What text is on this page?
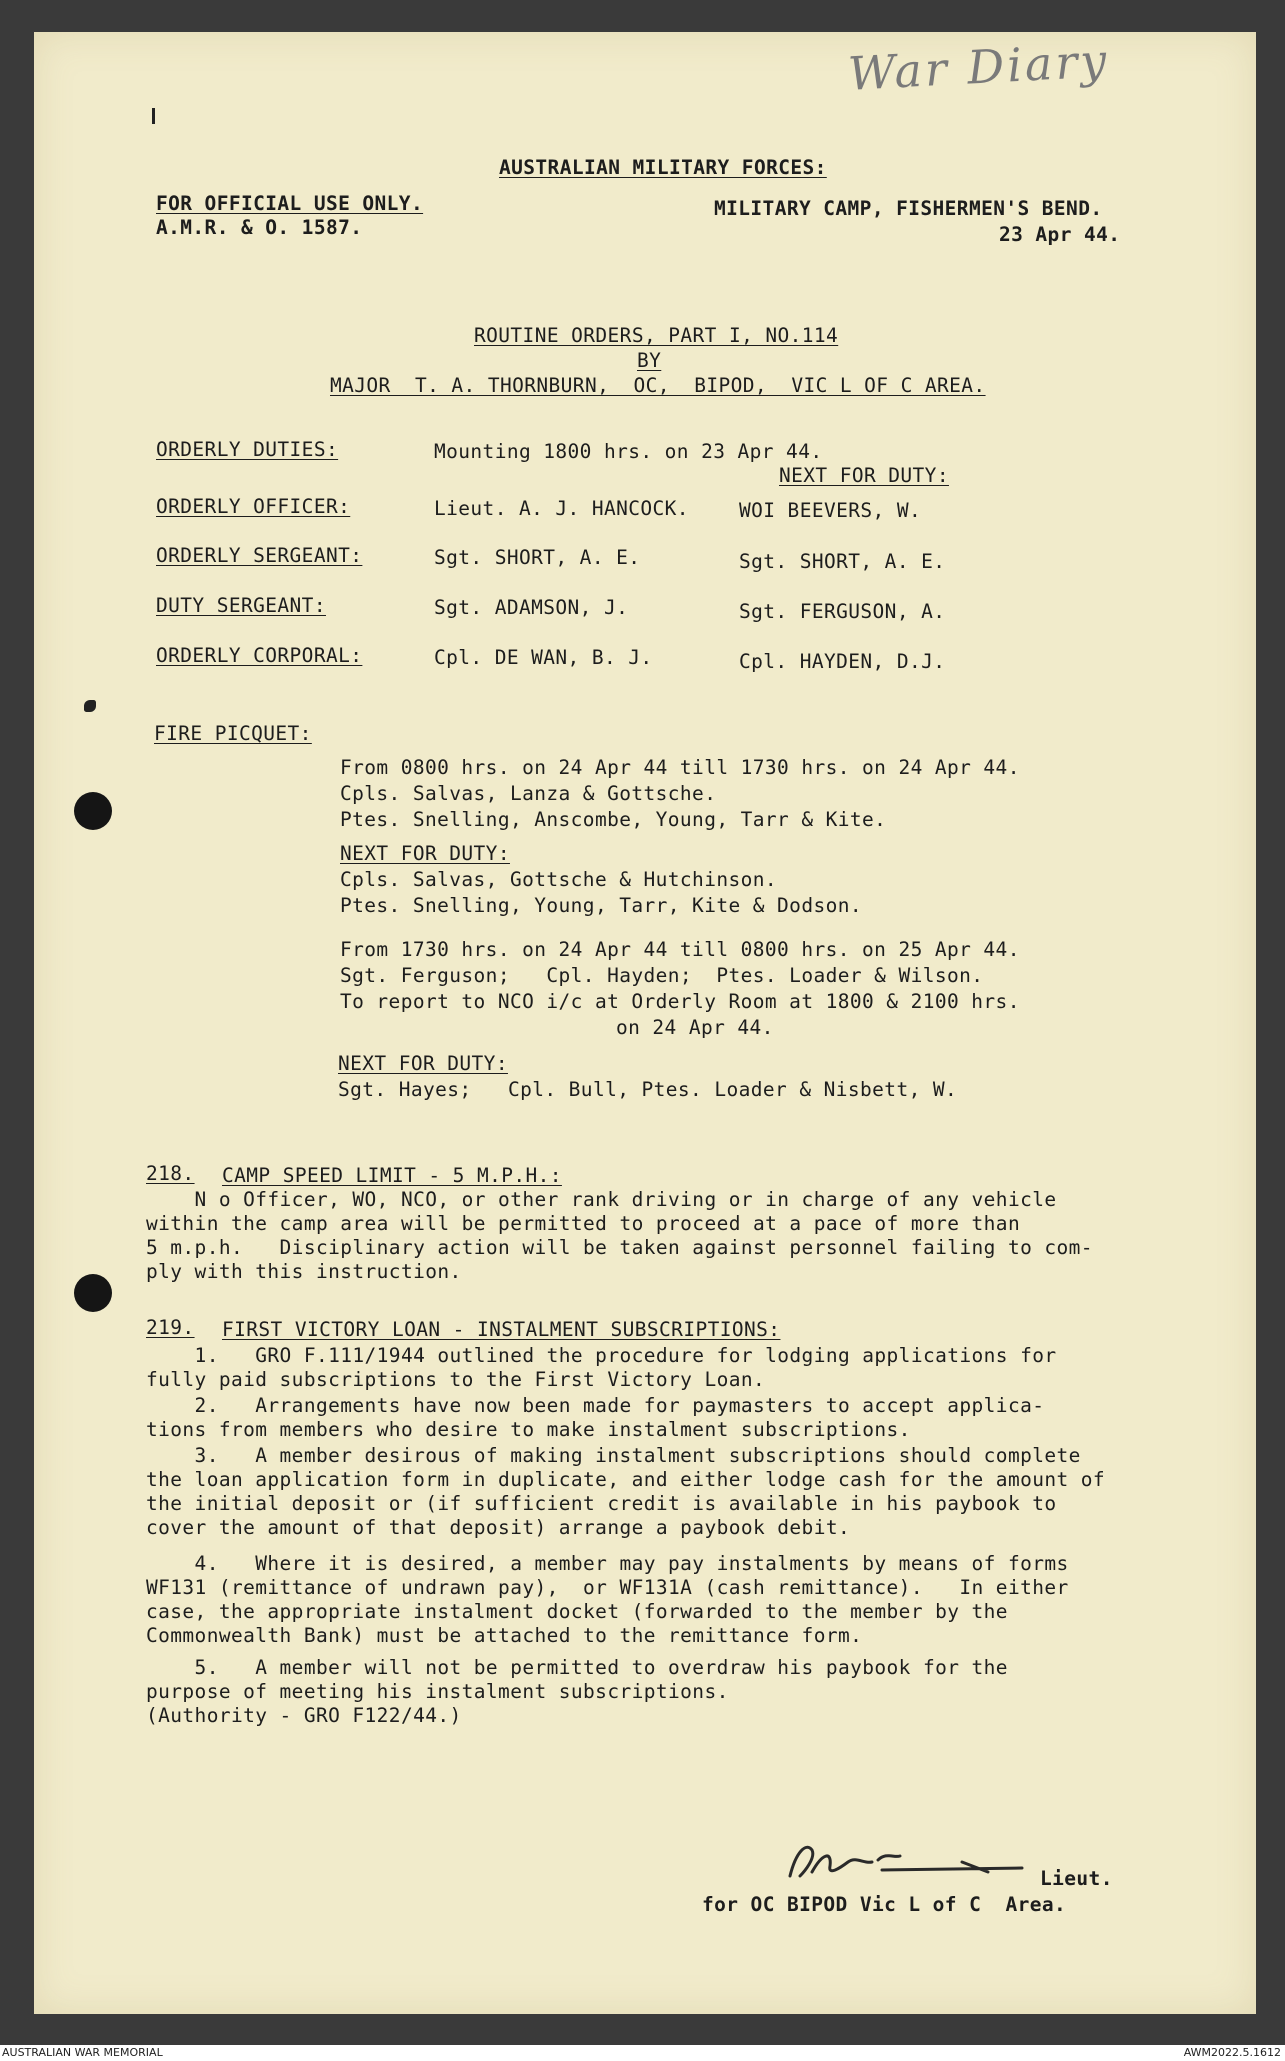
War Diary
AUSTRALIAN MILITARY FORCES:
FOR OFFICIAL USE ONLY.
A.M.R. & O. 1587.
MILITARY CAMP, FISHERMEN'S BEND.
23 Apr 44.
ROUTINE ORDERS, PART I, NO.114
BY
MAJOR  T. A. THORNBURN,  OC,  BIPOD,  VIC L OF C AREA.
ORDERLY DUTIES:	Mounting 1800 hrs. on 23 Apr 44.
NEXT FOR DUTY:
ORDERLY OFFICER:	Lieut. A. J. HANCOCK.	WOI BEEVERS, W.
ORDERLY SERGEANT:	Sgt. SHORT, A. E.	Sgt. SHORT, A. E.
DUTY SERGEANT:	Sgt. ADAMSON, J.	Sgt. FERGUSON, A.
ORDERLY CORPORAL:	Cpl. DE WAN, B. J.	Cpl. HAYDEN, D.J.
FIRE PICQUET:
From 0800 hrs. on 24 Apr 44 till 1730 hrs. on 24 Apr 44.
Cpls. Salvas, Lanza & Gottsche.
Ptes. Snelling, Anscombe, Young, Tarr & Kite.
NEXT FOR DUTY:
Cpls. Salvas, Gottsche & Hutchinson.
Ptes. Snelling, Young, Tarr, Kite & Dodson.
From 1730 hrs. on 24 Apr 44 till 0800 hrs. on 25 Apr 44.
Sgt. Ferguson;   Cpl. Hayden;  Ptes. Loader & Wilson.
To report to NCO i/c at Orderly Room at 1800 & 2100 hrs.
on 24 Apr 44.
NEXT FOR DUTY:
Sgt. Hayes;   Cpl. Bull, Ptes. Loader & Nisbett, W.
218. CAMP SPEED LIMIT - 5 M.P.H.:
N o Officer, WO, NCO, or other rank driving or in charge of any vehicle
within the camp area will be permitted to proceed at a pace of more than
5 m.p.h.   Disciplinary action will be taken against personnel failing to com-
ply with this instruction.
219. FIRST VICTORY LOAN - INSTALMENT SUBSCRIPTIONS:
1.   GRO F.111/1944 outlined the procedure for lodging applications for
fully paid subscriptions to the First Victory Loan.
2.   Arrangements have now been made for paymasters to accept applica-
tions from members who desire to make instalment subscriptions.
3.   A member desirous of making instalment subscriptions should complete
the loan application form in duplicate, and either lodge cash for the amount of
the initial deposit or (if sufficient credit is available in his paybook to
cover the amount of that deposit) arrange a paybook debit.
4.   Where it is desired, a member may pay instalments by means of forms
WF131 (remittance of undrawn pay),  or WF131A (cash remittance).   In either
case, the appropriate instalment docket (forwarded to the member by the
Commonwealth Bank) must be attached to the remittance form.
5.   A member will not be permitted to overdraw his paybook for the
purpose of meeting his instalment subscriptions.
(Authority - GRO F122/44.)
Lieut.
for OC BIPOD Vic L of C  Area.
AUSTRALIAN WAR MEMORIAL	AWM2022.5.1612
